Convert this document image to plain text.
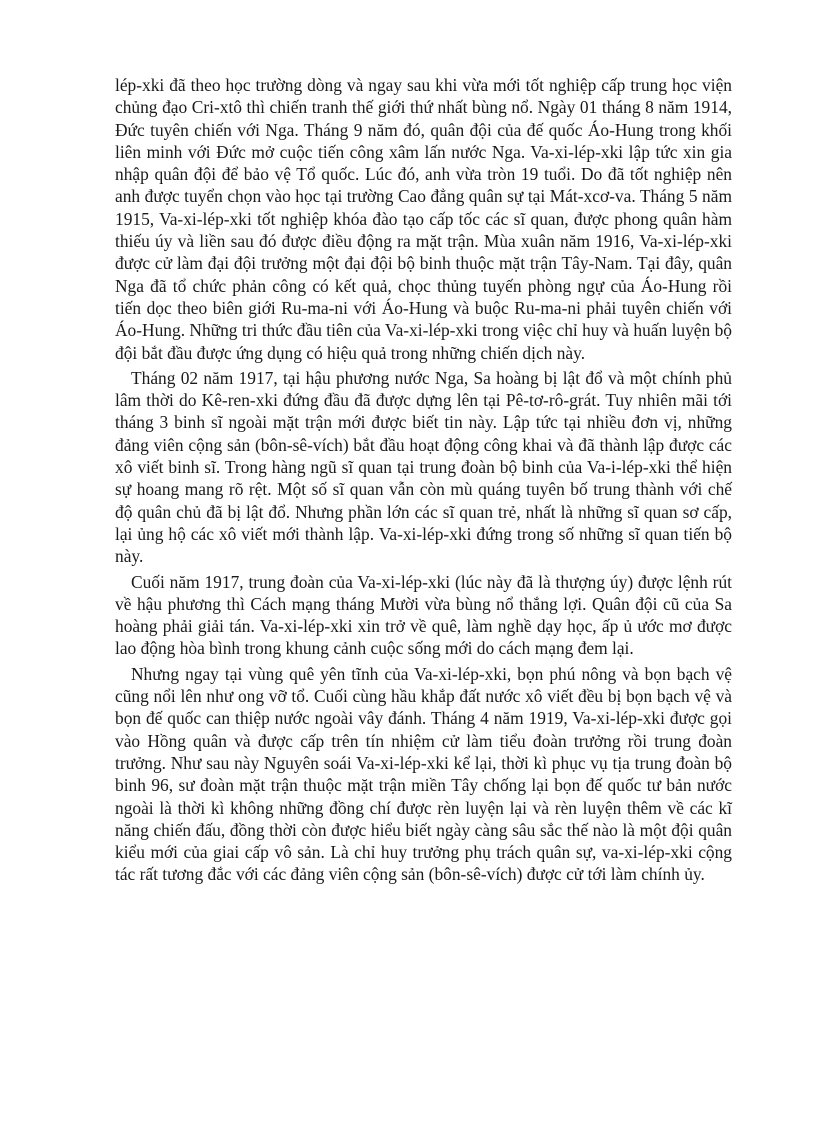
lép-xki đã theo học trường dòng và ngay sau khi vừa mới tốt nghiệp cấp trung học viện chủng đạo Cri-xtô thì chiến tranh thế giới thứ nhất bùng nổ. Ngày 01 tháng 8 năm 1914, Đức tuyên chiến với Nga. Tháng 9 năm đó, quân đội của đế quốc Áo-Hung trong khối liên minh với Đức mở cuộc tiến công xâm lấn nước Nga. Va-xi-lép-xki lập tức xin gia nhập quân đội để bảo vệ Tổ quốc. Lúc đó, anh vừa tròn 19 tuổi. Do đã tốt nghiệp nên anh được tuyển chọn vào học tại trường Cao đẳng quân sự tại Mát-xcơ-va. Tháng 5 năm 1915, Va-xi-lép-xki tốt nghiệp khóa đào tạo cấp tốc các sĩ quan, được phong quân hàm thiếu úy và liền sau đó được điều động ra mặt trận. Mùa xuân năm 1916, Va-xi-lép-xki được cử làm đại đội trưởng một đại đội bộ binh thuộc mặt trận Tây-Nam. Tại đây, quân Nga đã tổ chức phản công có kết quả, chọc thủng tuyến phòng ngự của Áo-Hung rồi tiến dọc theo biên giới Ru-ma-ni với Áo-Hung và buộc Ru-ma-ni phải tuyên chiến với Áo-Hung. Những tri thức đầu tiên của Va-xi-lép-xki trong việc chỉ huy và huấn luyện bộ đội bắt đầu được ứng dụng có hiệu quả trong những chiến dịch này.

Tháng 02 năm 1917, tại hậu phương nước Nga, Sa hoàng bị lật đổ và một chính phủ lâm thời do Kê-ren-xki đứng đầu đã được dựng lên tại Pê-tơ-rô-grát. Tuy nhiên mãi tới tháng 3 binh sĩ ngoài mặt trận mới được biết tin này. Lập tức tại nhiều đơn vị, những đảng viên cộng sản (bôn-sê-vích) bắt đầu hoạt động công khai và đã thành lập được các xô viết binh sĩ. Trong hàng ngũ sĩ quan tại trung đoàn bộ binh của Va-i-lép-xki thể hiện sự hoang mang rõ rệt. Một số sĩ quan vẫn còn mù quáng tuyên bố trung thành với chế độ quân chủ đã bị lật đổ. Nhưng phần lớn các sĩ quan trẻ, nhất là những sĩ quan sơ cấp, lại ủng hộ các xô viết mới thành lập. Va-xi-lép-xki đứng trong số những sĩ quan tiến bộ này.

Cuối năm 1917, trung đoàn của Va-xi-lép-xki (lúc này đã là thượng úy) được lệnh rút về hậu phương thì Cách mạng tháng Mười vừa bùng nổ thắng lợi. Quân đội cũ của Sa hoàng phải giải tán. Va-xi-lép-xki xin trở về quê, làm nghề dạy học, ấp ủ ước mơ được lao động hòa bình trong khung cảnh cuộc sống mới do cách mạng đem lại.

Nhưng ngay tại vùng quê yên tĩnh của Va-xi-lép-xki, bọn phú nông và bọn bạch vệ cũng nổi lên như ong vỡ tổ. Cuối cùng hầu khắp đất nước xô viết đều bị bọn bạch vệ và bọn đế quốc can thiệp nước ngoài vây đánh. Tháng 4 năm 1919, Va-xi-lép-xki được gọi vào Hồng quân và được cấp trên tín nhiệm cử làm tiểu đoàn trưởng rồi trung đoàn trưởng. Như sau này Nguyên soái Va-xi-lép-xki kể lại, thời kì phục vụ tịa trung đoàn bộ binh 96, sư đoàn mặt trận thuộc mặt trận miền Tây chống lại bọn đế quốc tư bản nước ngoài là thời kì không những đồng chí được rèn luyện lại và rèn luyện thêm về các kĩ năng chiến đấu, đồng thời còn được hiểu biết ngày càng sâu sắc thế nào là một đội quân kiểu mới của giai cấp vô sản. Là chỉ huy trưởng phụ trách quân sự, va-xi-lép-xki cộng tác rất tương đắc với các đảng viên cộng sản (bôn-sê-vích) được cử tới làm chính ủy.
